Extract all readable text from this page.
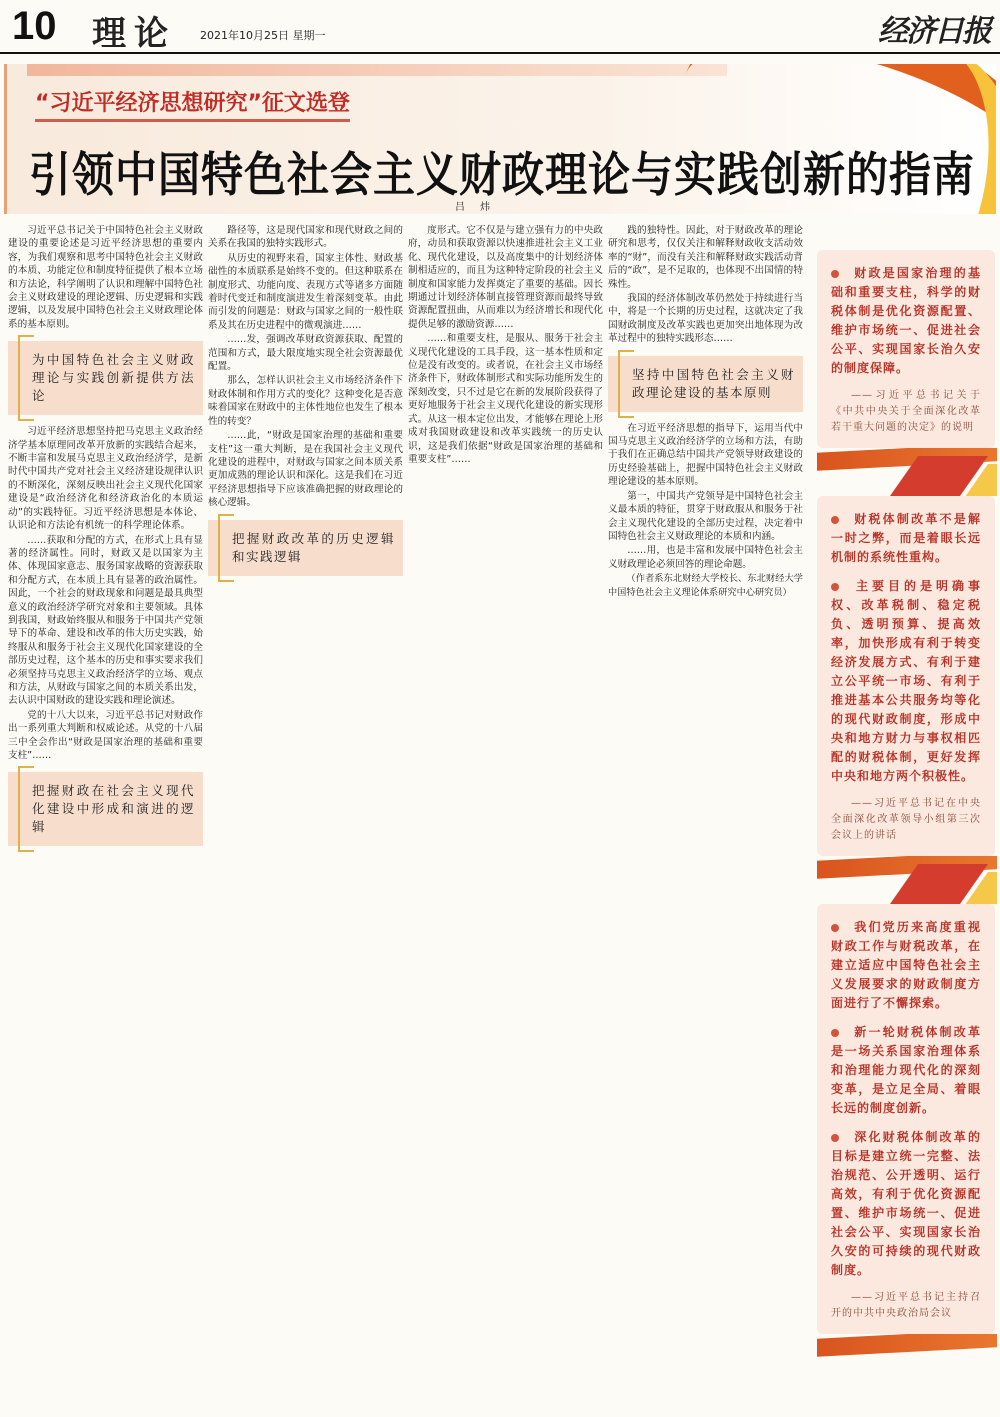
10 理论 2021年10月25日 星期一	经济日报
“习近平经济思想研究”征文选登
引领中国特色社会主义财政理论与实践创新的指南
吕 炜

习近平总书记关于中国特色社会主义财政建设的重要论述是习近平经济思想的重要内容，为我们观察和思考中国特色社会主义财政的本质、功能定位和制度特征提供了根本立场和方法论，科学阐明了认识和理解中国特色社会主义财政建设的理论逻辑、历史逻辑和实践逻辑，以及发展中国特色社会主义财政理论体系的基本原则。

为中国特色社会主义财政理论与实践创新提供方法论

习近平经济思想坚持把马克思主义政治经济学基本原理同改革开放新的实践结合起来，不断丰富和发展马克思主义政治经济学，是新时代中国共产党对社会主义经济建设规律认识的不断深化，深刻反映出社会主义现代化国家建设是“政治经济化和经济政治化的本质运动”的实践特征。习近平经济思想是本体论、认识论和方法论有机统一的科学理论体系。

……获取和分配的方式，在形式上具有显著的经济属性。同时，财政又是以国家为主体、体现国家意志、服务国家战略的资源获取和分配方式，在本质上具有显著的政治属性。因此，一个社会的财政现象和问题是最具典型意义的政治经济学研究对象和主要领域。具体到我国，财政始终服从和服务于中国共产党领导下的革命、建设和改革的伟大历史实践，始终服从和服务于社会主义现代化国家建设的全部历史过程，这个基本的历史和事实要求我们必须坚持马克思主义政治经济学的立场、观点和方法，从财政与国家之间的本质关系出发，去认识中国财政的建设实践和理论演述。

党的十八大以来，习近平总书记对财政作出一系列重大判断和权威论述。从党的十八届三中全会作出“财政是国家治理的基础和重要支柱”……

把握财政在社会主义现代化建设中形成和演进的逻辑

路径等，这是现代国家和现代财政之间的关系在我国的独特实践形式。

从历史的视野来看，国家主体性、财政基础性的本质联系是始终不变的。但这种联系在制度形式、功能向度、表现方式等诸多方面随着时代变迁和制度演进发生着深刻变革。由此而引发的问题是：财政与国家之间的一般性联系及其在历史进程中的微观演进……

……发，强调改革财政资源获取、配置的范围和方式，最大限度地实现全社会资源最优配置。

那么，怎样认识社会主义市场经济条件下财政体制和作用方式的变化？这种变化是否意味着国家在财政中的主体性地位也发生了根本性的转变？

……此，“财政是国家治理的基础和重要支柱”这一重大判断，是在我国社会主义现代化建设的进程中，对财政与国家之间本质关系更加成熟的理论认识和深化。这是我们在习近平经济思想指导下应该准确把握的财政理论的核心逻辑。

把握财政改革的历史逻辑和实践逻辑

度形式。它不仅是与建立强有力的中央政府，动员和获取资源以快速推进社会主义工业化、现代化建设，以及高度集中的计划经济体制相适应的，而且为这种特定阶段的社会主义制度和国家能力发挥奠定了重要的基础。因长期通过计划经济体制直接管理资源而最终导致资源配置扭曲，从而难以为经济增长和现代化提供足够的激励资源……

……和重要支柱，是服从、服务于社会主义现代化建设的工具手段，这一基本性质和定位是没有改变的。或者说，在社会主义市场经济条件下，财政体制形式和实际功能所发生的深刻改变，只不过是它在新的发展阶段获得了更好地服务于社会主义现代化建设的新实现形式。从这一根本定位出发，才能够在理论上形成对我国财政建设和改革实践统一的历史认识，这是我们依据“财政是国家治理的基础和重要支柱”……

践的独特性。因此，对于财政改革的理论研究和思考，仅仅关注和解释财政收支活动效率的“财”，而没有关注和解释财政实践活动背后的“政”，是不足取的，也体现不出国情的特殊性。

我国的经济体制改革仍然处于持续进行当中，将是一个长期的历史过程，这就决定了我国财政制度及改革实践也更加突出地体现为改革过程中的独特实践形态……

坚持中国特色社会主义财政理论建设的基本原则

在习近平经济思想的指导下，运用当代中国马克思主义政治经济学的立场和方法，有助于我们在正确总结中国共产党领导财政建设的历史经验基础上，把握中国特色社会主义财政理论建设的基本原则。

第一，中国共产党领导是中国特色社会主义最本质的特征，贯穿于财政服从和服务于社会主义现代化建设的全部历史过程，决定着中国特色社会主义财政理论的本质和内涵。

……用，也是丰富和发展中国特色社会主义财政理论必须回答的理论命题。

（作者系东北财经大学校长、东北财经大学中国特色社会主义理论体系研究中心研究员）

财政是国家治理的基础和重要支柱，科学的财税体制是优化资源配置、维护市场统一、促进社会公平、实现国家长治久安的制度保障。

——习近平总书记关于《中共中央关于全面深化改革若干重大问题的决定》的说明

财税体制改革不是解一时之弊，而是着眼长远机制的系统性重构。

主要目的是明确事权、改革税制、稳定税负、透明预算、提高效率，加快形成有利于转变经济发展方式、有利于建立公平统一市场、有利于推进基本公共服务均等化的现代财政制度，形成中央和地方财力与事权相匹配的财税体制，更好发挥中央和地方两个积极性。

——习近平总书记在中央全面深化改革领导小组第三次会议上的讲话

我们党历来高度重视财政工作与财税改革，在建立适应中国特色社会主义发展要求的财政制度方面进行了不懈探索。

新一轮财税体制改革是一场关系国家治理体系和治理能力现代化的深刻变革，是立足全局、着眼长远的制度创新。

深化财税体制改革的目标是建立统一完整、法治规范、公开透明、运行高效，有利于优化资源配置、维护市场统一、促进社会公平、实现国家长治久安的可持续的现代财政制度。

——习近平总书记主持召开的中共中央政治局会议
